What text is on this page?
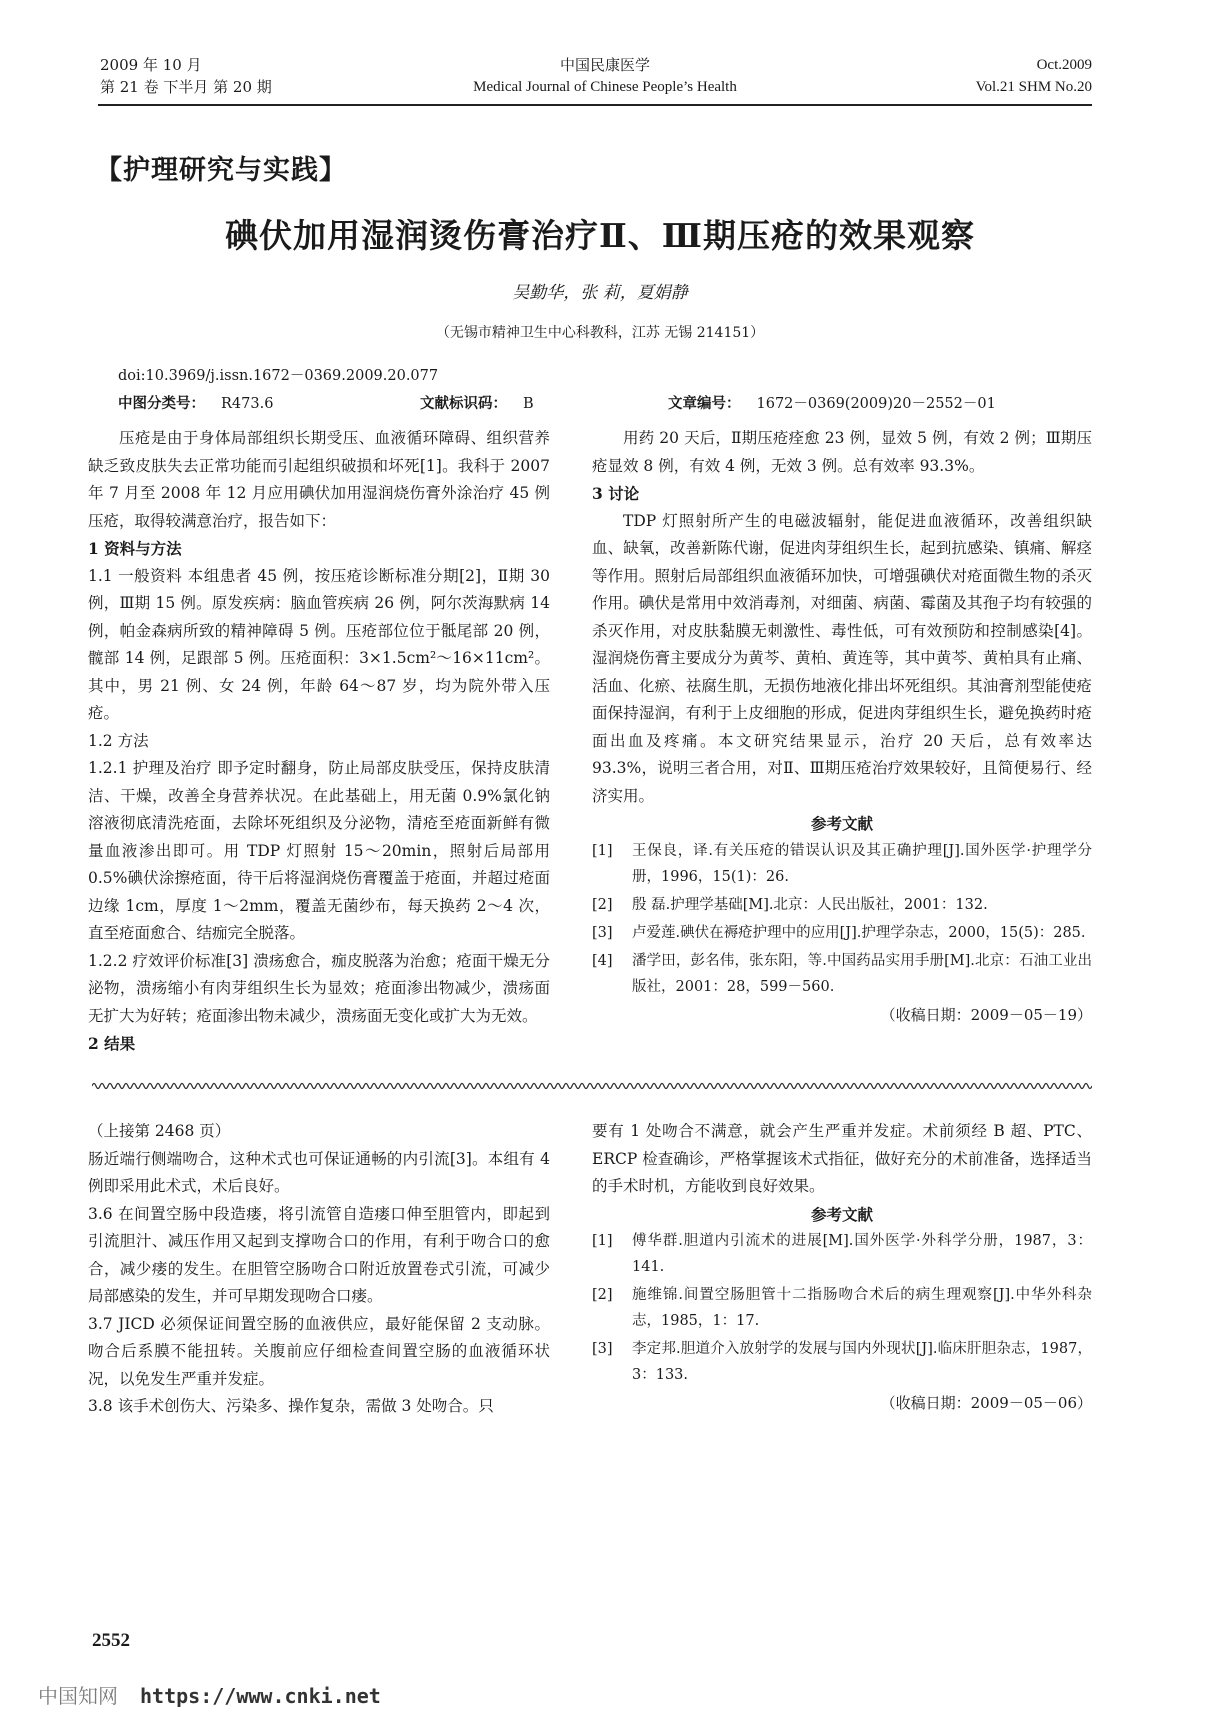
2009 年 10 月
第 21 卷 下半月 第 20 期
中国民康医学
Medical Journal of Chinese People’s Health
Oct.2009
Vol.21 SHM No.20
【护理研究与实践】
碘伏加用湿润烫伤膏治疗Ⅱ、Ⅲ期压疮的效果观察
吴勤华，张 莉，夏娟静
（无锡市精神卫生中心科教科，江苏 无锡 214151）
doi:10.3969/j.issn.1672－0369.2009.20.077
中图分类号： R473.6	文献标识码： B	文章编号： 1672－0369(2009)20－2552－01

压疮是由于身体局部组织长期受压、血液循环障碍、组织营养缺乏致皮肤失去正常功能而引起组织破损和坏死[1]。我科于 2007 年 7 月至 2008 年 12 月应用碘伏加用湿润烧伤膏外涂治疗 45 例压疮，取得较满意治疗，报告如下：

1 资料与方法

1.1 一般资料 本组患者 45 例，按压疮诊断标准分期[2]，Ⅱ期 30 例，Ⅲ期 15 例。原发疾病：脑血管疾病 26 例，阿尔茨海默病 14 例，帕金森病所致的精神障碍 5 例。压疮部位位于骶尾部 20 例，髋部 14 例，足跟部 5 例。压疮面积：3×1.5cm²～16×11cm²。其中，男 21 例、女 24 例，年龄 64～87 岁，均为院外带入压疮。

1.2 方法

1.2.1 护理及治疗 即予定时翻身，防止局部皮肤受压，保持皮肤清洁、干燥，改善全身营养状况。在此基础上，用无菌 0.9%氯化钠溶液彻底清洗疮面，去除坏死组织及分泌物，清疮至疮面新鲜有微量血液渗出即可。用 TDP 灯照射 15～20min，照射后局部用 0.5%碘伏涂擦疮面，待干后将湿润烧伤膏覆盖于疮面，并超过疮面边缘 1cm，厚度 1～2mm，覆盖无菌纱布，每天换药 2～4 次，直至疮面愈合、结痂完全脱落。

1.2.2 疗效评价标准[3] 溃疡愈合，痂皮脱落为治愈；疮面干燥无分泌物，溃疡缩小有肉芽组织生长为显效；疮面渗出物减少，溃疡面无扩大为好转；疮面渗出物未减少，溃疡面无变化或扩大为无效。

2 结果

用药 20 天后，Ⅱ期压疮痊愈 23 例，显效 5 例，有效 2 例；Ⅲ期压疮显效 8 例，有效 4 例，无效 3 例。总有效率 93.3%。

3 讨论

TDP 灯照射所产生的电磁波辐射，能促进血液循环，改善组织缺血、缺氧，改善新陈代谢，促进肉芽组织生长，起到抗感染、镇痛、解痉等作用。照射后局部组织血液循环加快，可增强碘伏对疮面微生物的杀灭作用。碘伏是常用中效消毒剂，对细菌、病菌、霉菌及其孢子均有较强的杀灭作用，对皮肤黏膜无刺激性、毒性低，可有效预防和控制感染[4]。湿润烧伤膏主要成分为黄芩、黄柏、黄连等，其中黄芩、黄柏具有止痛、活血、化瘀、祛腐生肌，无损伤地液化排出坏死组织。其油膏剂型能使疮面保持湿润，有利于上皮细胞的形成，促进肉芽组织生长，避免换药时疮面出血及疼痛。本文研究结果显示，治疗 20 天后，总有效率达 93.3%，说明三者合用，对Ⅱ、Ⅲ期压疮治疗效果较好，且简便易行、经济实用。

参考文献

[1]	王保良，译.有关压疮的错误认识及其正确护理[J].国外医学·护理学分册，1996，15(1)：26.
[2]	殷 磊.护理学基础[M].北京：人民出版社，2001：132.
[3]	卢爱莲.碘伏在褥疮护理中的应用[J].护理学杂志，2000，15(5)：285.
[4]	潘学田，彭名伟，张东阳，等.中国药品实用手册[M].北京：石油工业出版社，2001：28，599－560.

（收稿日期：2009－05－19）

（上接第 2468 页）

肠近端行侧端吻合，这种术式也可保证通畅的内引流[3]。本组有 4 例即采用此术式，术后良好。

3.6 在间置空肠中段造瘘，将引流管自造瘘口伸至胆管内，即起到引流胆汁、减压作用又起到支撑吻合口的作用，有利于吻合口的愈合，减少瘘的发生。在胆管空肠吻合口附近放置卷式引流，可减少局部感染的发生，并可早期发现吻合口瘘。

3.7 JICD 必须保证间置空肠的血液供应，最好能保留 2 支动脉。吻合后系膜不能扭转。关腹前应仔细检查间置空肠的血液循环状况，以免发生严重并发症。

3.8 该手术创伤大、污染多、操作复杂，需做 3 处吻合。只

要有 1 处吻合不满意，就会产生严重并发症。术前须经 B 超、PTC、ERCP 检查确诊，严格掌握该术式指征，做好充分的术前准备，选择适当的手术时机，方能收到良好效果。

参考文献

[1]	傅华群.胆道内引流术的进展[M].国外医学·外科学分册，1987，3：141.
[2]	施维锦.间置空肠胆管十二指肠吻合术后的病生理观察[J].中华外科杂志，1985，1：17.
[3]	李定邦.胆道介入放射学的发展与国内外现状[J].临床肝胆杂志，1987，3：133.

（收稿日期：2009－05－06）

2552
中国知网 https://www.cnki.net
